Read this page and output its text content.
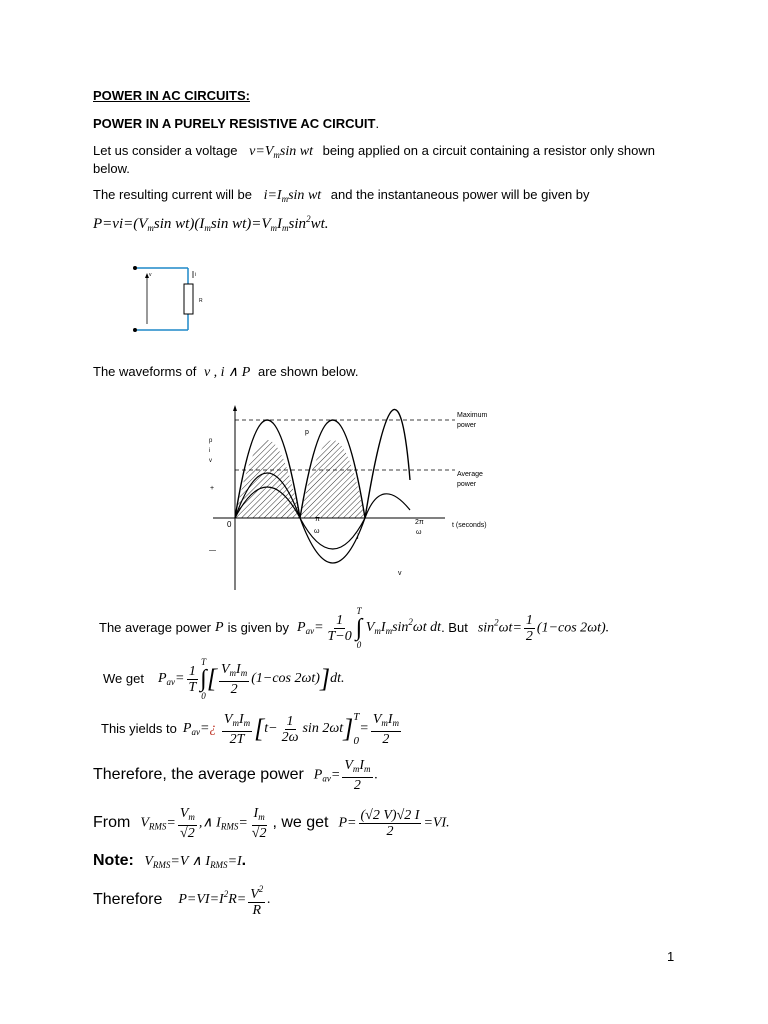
POWER IN AC CIRCUITS:
POWER IN A PURELY RESISTIVE AC CIRCUIT.
Let us consider a voltage $v=V_m\sin$ wt being applied on a circuit containing a resistor only shown
below.
The resulting current will be $i=I_m\sin$ wt and the instantaneous power will be given by
$P=vi=(V_m\sin$ $wt)(I_m\sin$ $wt)=V_mI_m\sin^2wt$.
v	i
R
The waveforms of v , i ∧ P are shown below.
Maximum
power
Average
power
t (seconds)
p
i
v
+
—
0
π
ω
2π
ω
p
i
v
The average power P is given by $P_{av}= \frac{1}{T-0}$
T
∫
0
$V_mI_m\sin^2\omega t$ dt . But $\sin^2\omega t= \frac{1}{2} (1-\cos$ 2ωt).
We get $P_{av}= \frac{1}{T}$
T
∫
0
[ $\frac{V_mI_m}{2} (1-\cos$ 2ωt)]dt.
This yields to $P_{av}=¿ \frac{V_mI_m}{2T} [t- \frac{1}{2\omega}$ sin 2ωt] T
0
= $\frac{V_mI_m}{2}$
Therefore, the average power $P_{av}= \frac{V_mI_m}{2}$ .
From $V_{RMS}= \frac{V_m}{√2}$ ,∧ $I_{RMS}= \frac{I_m}{√2}$ , we get $P= \frac{(√2 V)√2 I}{2} =VI$.
Note: $V_{RMS}=V$ ∧ $I_{RMS}=I$.
Therefore $P=VI=I^2R= \frac{V^2}{R}$ .
1
